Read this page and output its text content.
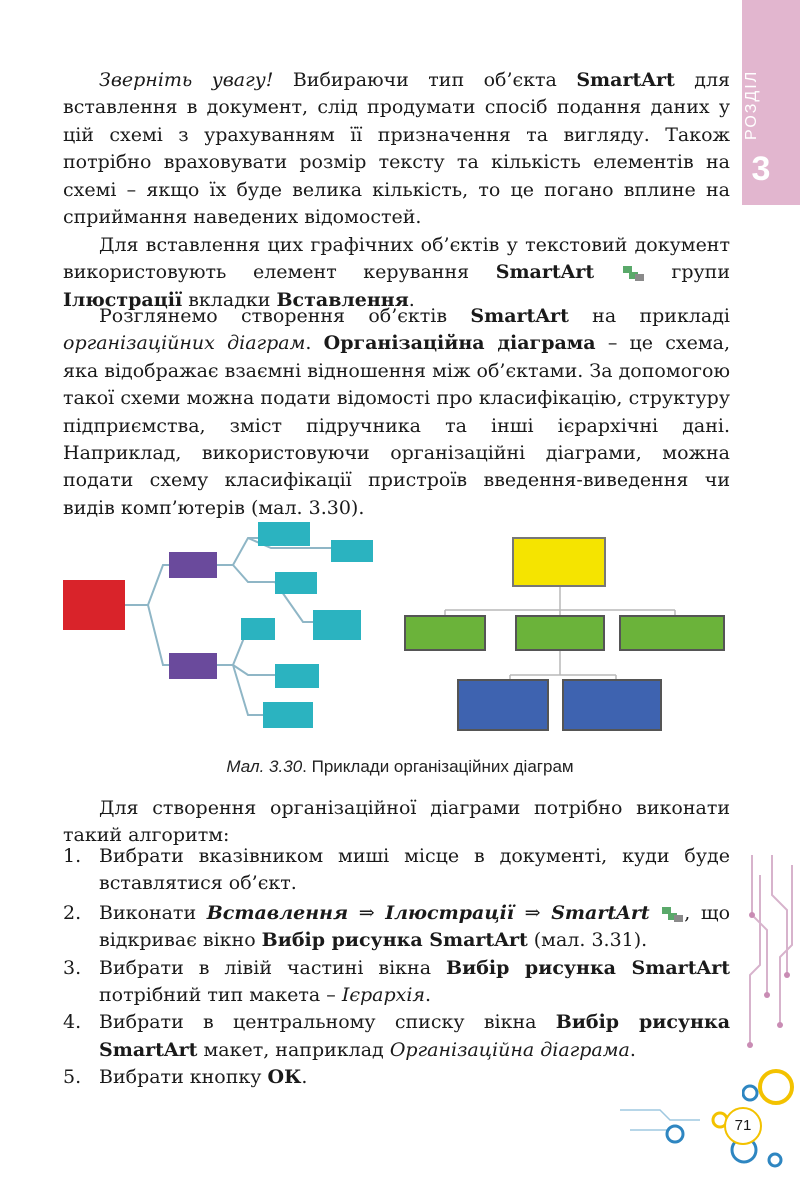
РОЗДІЛ
3
Зверніть увагу! Вибираючи тип об’єкта SmartArt для вставлення в документ, слід продумати спосіб подання даних у цій схемі з урахуванням її призначення та вигляду. Також потрібно враховувати розмір тексту та кількість елементів на схемі – якщо їх буде велика кількість, то це погано вплине на сприймання наведених відомостей.
Для вставлення цих графічних об’єктів у текстовий документ використовують елемент керування SmartArt	групи Ілюстрації вкладки Вставлення.
Розглянемо створення об’єктів SmartArt на прикладі організаційних діаграм. Організаційна діаграма – це схема, яка відображає взаємні відношення між об’єктами. За допомогою такої схеми можна подати відомості про класифікацію, структуру підприємства, зміст підручника та інші ієрархічні дані. Наприклад, використовуючи організаційні діаграми, можна подати схему класифікації пристроїв введення-виведення чи видів комп’ютерів (мал. 3.30).
Мал. 3.30. Приклади організаційних діаграм
Для створення організаційної діаграми потрібно виконати такий алгоритм:
1. Вибрати вказівником миші місце в документі, куди буде вставлятися об’єкт.
2. Виконати Вставлення ⇒ Ілюстрації ⇒ SmartArt , що відкриває вікно Вибір рисунка SmartArt (мал. 3.31).
3. Вибрати в лівій частині вікна Вибір рисунка SmartArt потрібний тип макета – Ієрархія.
4. Вибрати в центральному списку вікна Вибір рисунка SmartArt макет, наприклад Організаційна діаграма.
5. Вибрати кнопку ОК.
71
